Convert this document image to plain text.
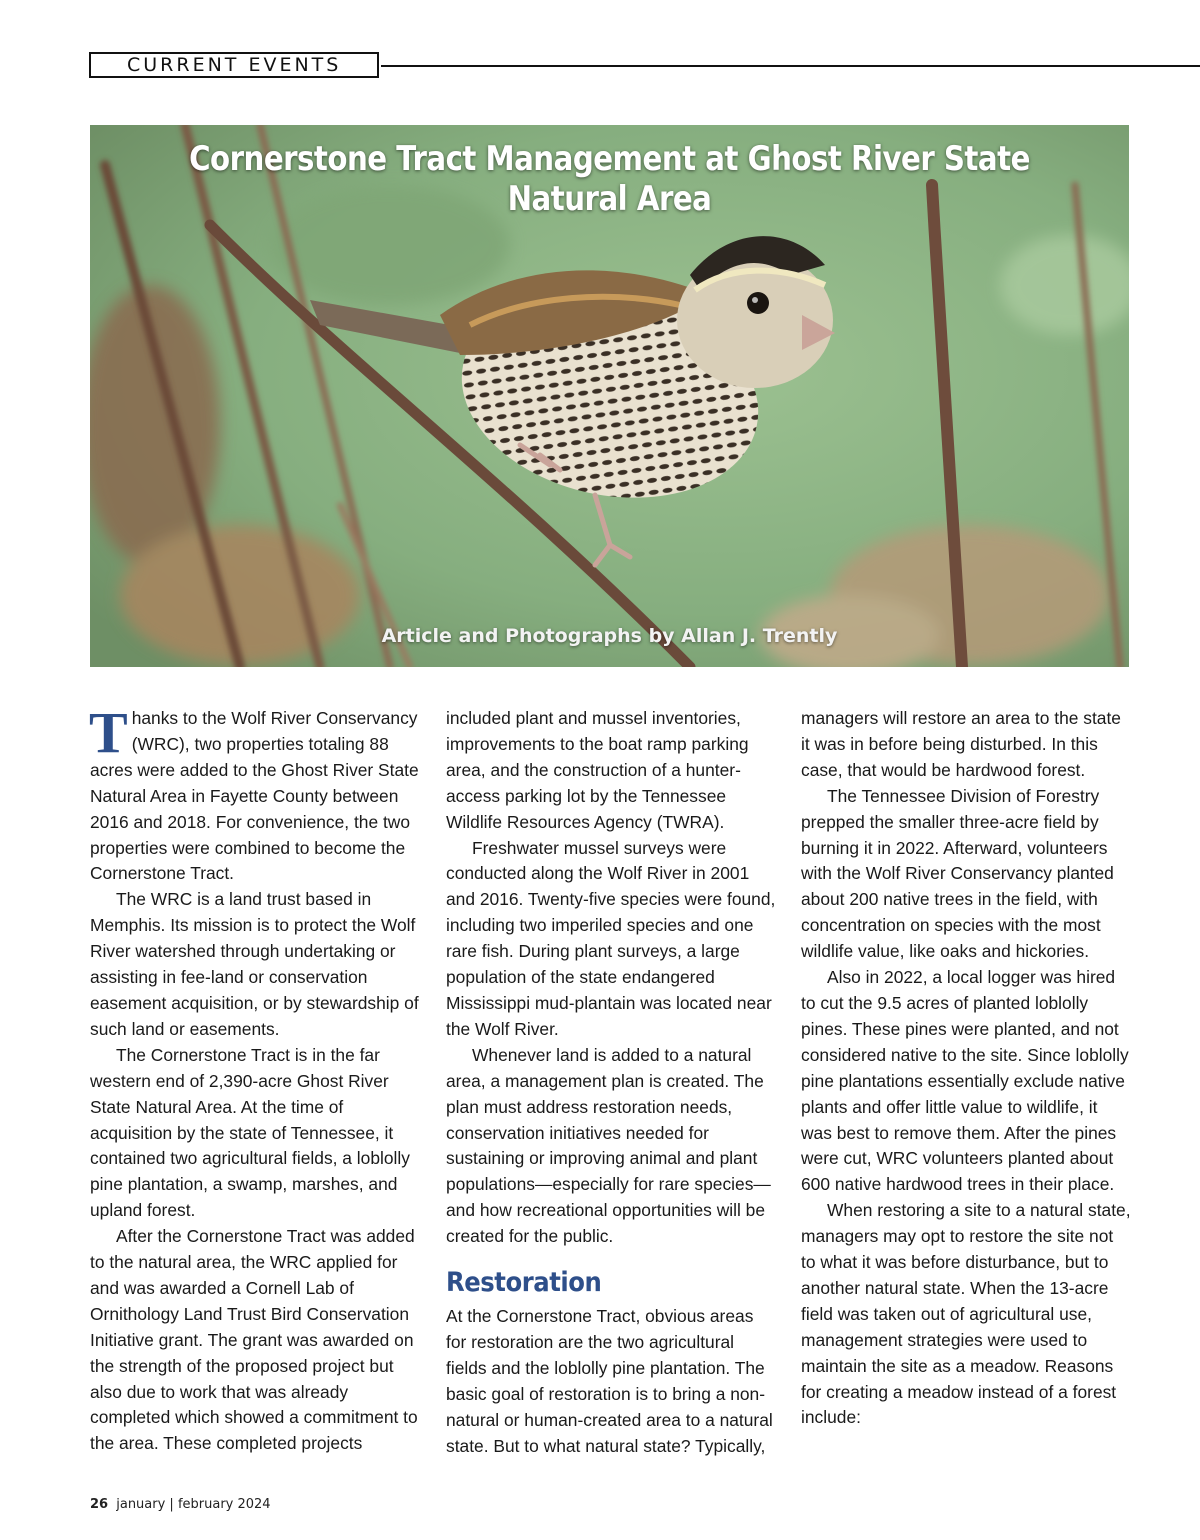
CURRENT EVENTS
Cornerstone Tract Management at Ghost River State Natural Area
Article and Photographs by Allan J. Trently

Thanks to the Wolf River Conservancy (WRC), two properties totaling 88 acres were added to the Ghost River State Natural Area in Fayette County between 2016 and 2018. For convenience, the two properties were combined to become the Cornerstone Tract.

The WRC is a land trust based in Memphis. Its mission is to protect the Wolf River watershed through undertaking or assisting in fee-land or conservation easement acquisition, or by stewardship of such land or easements.

The Cornerstone Tract is in the far western end of 2,390-acre Ghost River State Natural Area. At the time of acquisition by the state of Tennessee, it contained two agricultural fields, a loblolly pine plantation, a swamp, marshes, and upland forest.

After the Cornerstone Tract was added to the natural area, the WRC applied for and was awarded a Cornell Lab of Ornithology Land Trust Bird Conservation Initiative grant. The grant was awarded on the strength of the proposed project but also due to work that was already completed which showed a commitment to the area. These completed projects

included plant and mussel inventories, improvements to the boat ramp parking area, and the construction of a hunter-access parking lot by the Tennessee Wildlife Resources Agency (TWRA).

Freshwater mussel surveys were conducted along the Wolf River in 2001 and 2016. Twenty-five species were found, including two imperiled species and one rare fish. During plant surveys, a large population of the state endangered Mississippi mud-plantain was located near the Wolf River.

Whenever land is added to a natural area, a management plan is created. The plan must address restoration needs, conservation initiatives needed for sustaining or improving animal and plant populations—especially for rare species—and how recreational opportunities will be created for the public.

Restoration

At the Cornerstone Tract, obvious areas for restoration are the two agricultural fields and the loblolly pine plantation. The basic goal of restoration is to bring a non-natural or human-created area to a natural state. But to what natural state? Typically,

managers will restore an area to the state it was in before being disturbed. In this case, that would be hardwood forest.

The Tennessee Division of Forestry prepped the smaller three-acre field by burning it in 2022. Afterward, volunteers with the Wolf River Conservancy planted about 200 native trees in the field, with concentration on species with the most wildlife value, like oaks and hickories.

Also in 2022, a local logger was hired to cut the 9.5 acres of planted loblolly pines. These pines were planted, and not considered native to the site. Since loblolly pine plantations essentially exclude native plants and offer little value to wildlife, it was best to remove them. After the pines were cut, WRC volunteers planted about 600 native hardwood trees in their place.

When restoring a site to a natural state, managers may opt to restore the site not to what it was before disturbance, but to another natural state. When the 13-acre field was taken out of agricultural use, management strategies were used to maintain the site as a meadow. Reasons for creating a meadow instead of a forest include:

26 january | february 2024
